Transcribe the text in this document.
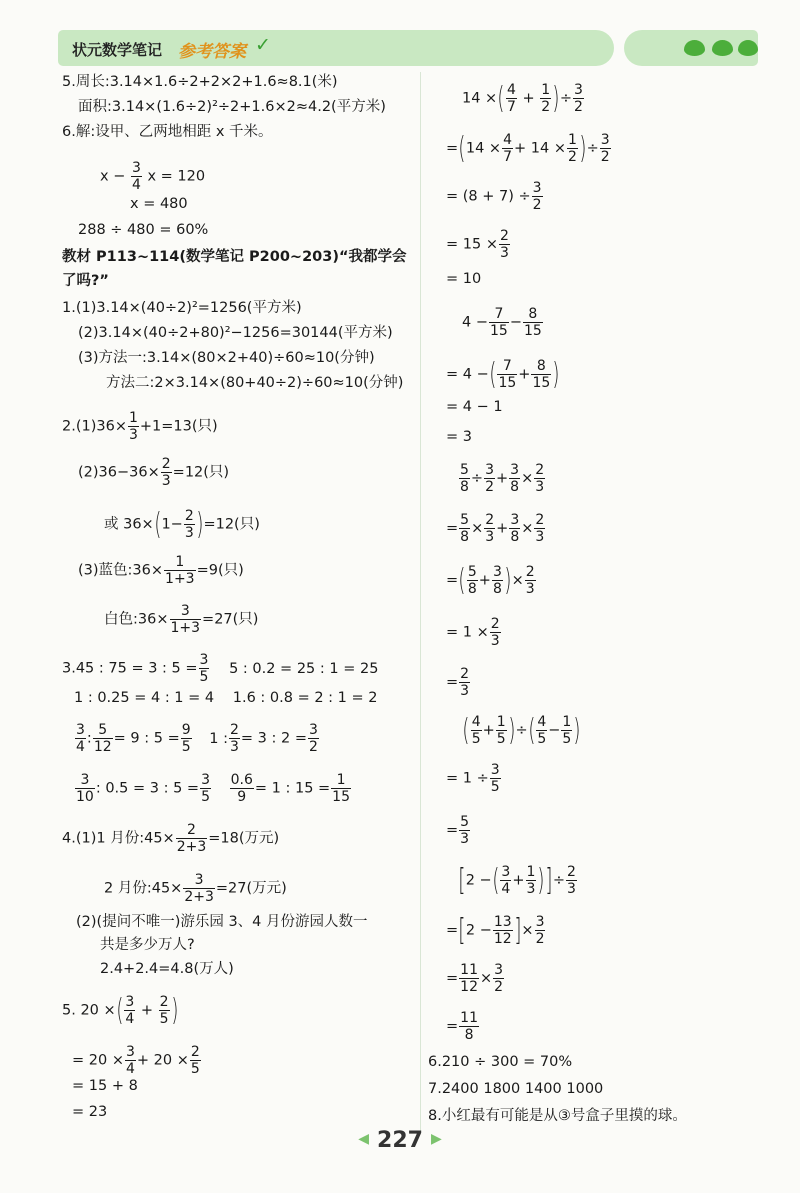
状元数学笔记 参考答案 ✓
5.周长:3.14×1.6÷2+2×2+1.6≈8.1(米)
面积:3.14×(1.6÷2)²÷2+1.6×2≈4.2(平方米)
6.解:设甲、乙两地相距 x 千米。
$x - \frac{3}{4}$ x = 120
x = 480
288 ÷ 480 = 60%
教材 P113~114(数学笔记 P200~203)“我都学会
了吗?”
1.(1)3.14×(40÷2)²=1256(平方米)
(2)3.14×(40÷2+80)²−1256=30144(平方米)
(3)方法一:3.14×(80×2+40)÷60≈10(分钟)
方法二:2×3.14×(80+40÷2)÷60≈10(分钟)
$2.(1)36\times \frac{1}{3} +1=13$(只)
$(2)36-36\times \frac{2}{3} =12$(只)
或 $36\times(1- \frac{2}{3} )=12$(只)
(3)蓝色:36× $\frac{1}{1+3} =9$(只)
白色:36× $\frac{3}{1+3} =27$(只)
3.45 : 75 = 3 : $5 = \frac{3}{5} 5$ : 0.2 = 25 : 1 = 25
1 : 0.25 = 4 : 1 = 4 1.6 : 0.8 = 2 : 1 = 2
$\frac{3}{4}$ : $\frac{5}{12} = 9$ : $5 = \frac{9}{5} 1$ : $\frac{2}{3} = 3$ : $2 = \frac{3}{2}$
$\frac{3}{10}$ : 0.5 = 3 : $5 = \frac{3}{5}$
$\frac{0.6}{9} = 1$ : $15 = \frac{1}{15}$
4.(1)1 月份:45× $\frac{2}{2+3} =18$(万元)
2 月份:45× $\frac{3}{2+3} =27$(万元)
(2)(提问不唯一)游乐园 3、4 月份游园人数一
共是多少万人?
2.4+2.4=4.8(万人)
5. 20 ×( $\frac{3}{4} + \frac{2}{5}$ )
= $20 \times \frac{3}{4} + 20 \times \frac{2}{5}$
= 15 + 8
= 23
14 ×( $\frac{4}{7} + \frac{1}{2}$ )÷ $\frac{3}{2}$
$=(14 \times \frac{4}{7} + 14 \times \frac{1}{2}$ )÷ $\frac{3}{2}$
= $(8 + 7) \div \frac{3}{2}$
= $15 \times \frac{2}{3}$
= 10
$4 - \frac{7}{15} - \frac{8}{15}$
= 4 −( $\frac{7}{15} + \frac{8}{15}$ )
= 4 − 1
= 3
$\frac{5}{8} \div \frac{3}{2} + \frac{3}{8} \times \frac{2}{3}$
= $\frac{5}{8} \times \frac{2}{3} + \frac{3}{8} \times \frac{2}{3}$
=( $\frac{5}{8} + \frac{3}{8}$ )× $\frac{2}{3}$
= $1 \times \frac{2}{3}$
= $\frac{2}{3}$
( $\frac{4}{5} + \frac{1}{5}$ )÷( $\frac{4}{5} - \frac{1}{5}$ )
= $1 \div \frac{3}{5}$
= $\frac{5}{3}$
[2 −( $\frac{3}{4} + \frac{1}{3}$ )]÷ $\frac{2}{3}$
$=[2 - \frac{13}{12}$ ]× $\frac{3}{2}$
= $\frac{11}{12} \times \frac{3}{2}$
= $\frac{11}{8}$
6.210 ÷ 300 = 70%
7.2400 1800 1400 1000
8.小红最有可能是从③号盒子里摸的球。
◀ 227 ▶
